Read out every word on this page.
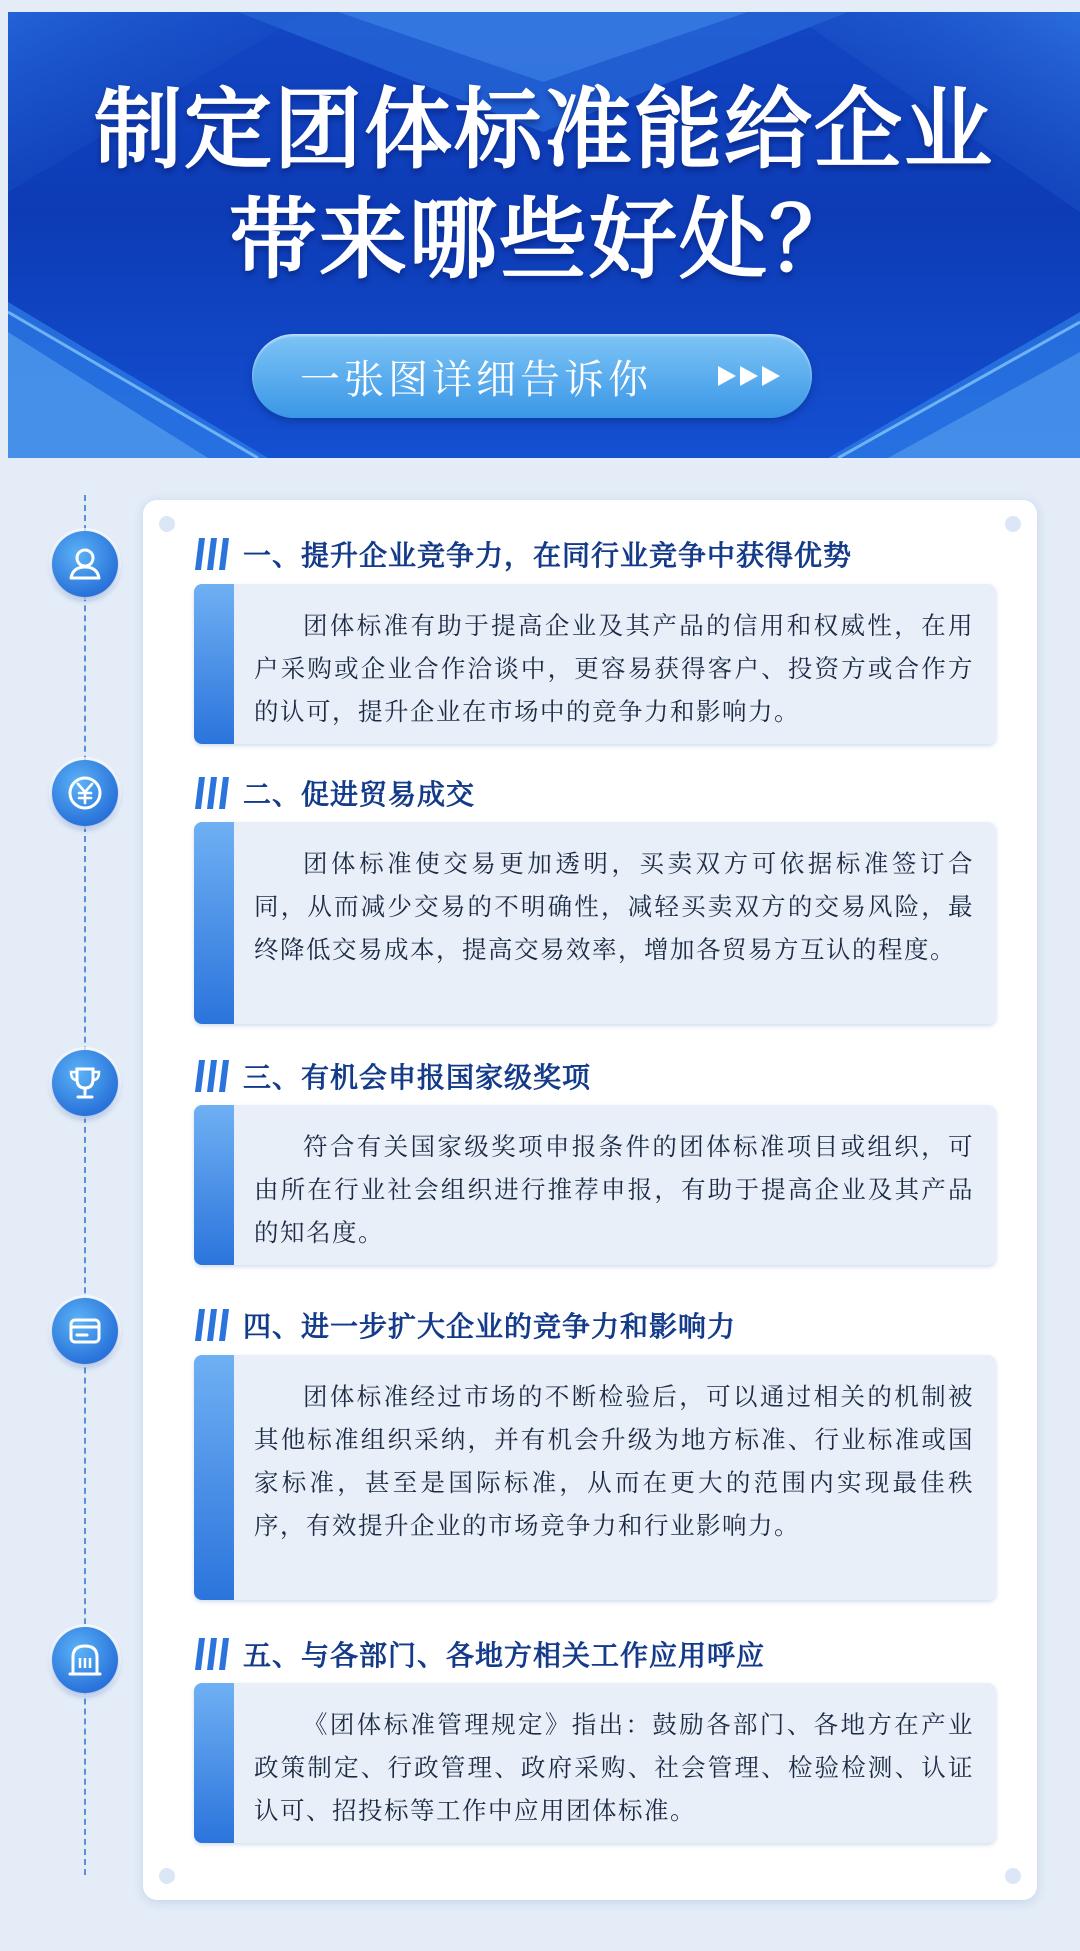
制定团体标准能给企业
带来哪些好处？
一张图详细告诉你
一、提升企业竞争力，在同行业竞争中获得优势

团体标准有助于提高企业及其产品的信用和权威性，在用户采购或企业合作洽谈中，更容易获得客户、投资方或合作方的认可，提升企业在市场中的竞争力和影响力。

二、促进贸易成交

团体标准使交易更加透明，买卖双方可依据标准签订合同，从而减少交易的不明确性，减轻买卖双方的交易风险，最终降低交易成本，提高交易效率，增加各贸易方互认的程度。

三、有机会申报国家级奖项

符合有关国家级奖项申报条件的团体标准项目或组织，可由所在行业社会组织进行推荐申报，有助于提高企业及其产品的知名度。

四、进一步扩大企业的竞争力和影响力

团体标准经过市场的不断检验后，可以通过相关的机制被其他标准组织采纳，并有机会升级为地方标准、行业标准或国家标准，甚至是国际标准，从而在更大的范围内实现最佳秩序，有效提升企业的市场竞争力和行业影响力。

五、与各部门、各地方相关工作应用呼应

《团体标准管理规定》指出：鼓励各部门、各地方在产业政策制定、行政管理、政府采购、社会管理、检验检测、认证认可、招投标等工作中应用团体标准。
